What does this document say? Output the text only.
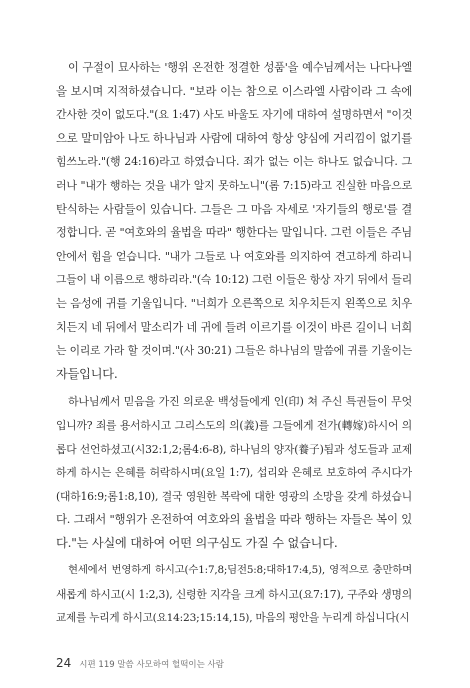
이 구절이 묘사하는 '행위 온전한 정결한 성품'을 예수님께서는 나다나엘
을 보시며 지적하셨습니다. "보라 이는 참으로 이스라엘 사람이라 그 속에
간사한 것이 없도다."(요 1:47) 사도 바울도 자기에 대하여 설명하면서 "이것
으로 말미암아 나도 하나님과 사람에 대하여 항상 양심에 거리낌이 없기를
힘쓰노라."(행 24:16)라고 하였습니다. 죄가 없는 이는 하나도 없습니다. 그
러나 "내가 행하는 것을 내가 알지 못하노니"(롬 7:15)라고 진실한 마음으로
탄식하는 사람들이 있습니다. 그들은 그 마음 자세로 '자기들의 행로'를 결
정합니다. 곧 "여호와의 율법을 따라" 행한다는 말입니다. 그런 이들은 주님
안에서 힘을 얻습니다. "내가 그들로 나 여호와를 의지하여 견고하게 하리니
그들이 내 이름으로 행하리라."(슥 10:12) 그런 이들은 항상 자기 뒤에서 들리
는 음성에 귀를 기울입니다. "너희가 오른쪽으로 치우치든지 왼쪽으로 치우
치든지 네 뒤에서 말소리가 네 귀에 들려 이르기를 이것이 바른 길이니 너희
는 이리로 가라 할 것이며."(사 30:21) 그들은 하나님의 말씀에 귀를 기울이는
자들입니다.

하나님께서 믿음을 가진 의로운 백성들에게 인(印) 쳐 주신 특권들이 무엇
입니까? 죄를 용서하시고 그리스도의 의(義)를 그들에게 전가(轉嫁)하시어 의
롭다 선언하셨고(시32:1,2;롬4:6-8), 하나님의 양자(養子)됨과 성도들과 교제
하게 하시는 은혜를 허락하시며(요일 1:7), 섭리와 은혜로 보호하여 주시다가
(대하16:9;롬1:8,10), 결국 영원한 복락에 대한 영광의 소망을 갖게 하셨습니
다. 그래서 "행위가 온전하여 여호와의 율법을 따라 행하는 자들은 복이 있
다."는 사실에 대하여 어떤 의구심도 가질 수 없습니다.

현세에서 번영하게 하시고(수1:7,8;딤전5:8;대하17:4,5), 영적으로 충만하며
새롭게 하시고(시 1:2,3), 신령한 지각을 크게 하시고(요7:17), 구주와 생명의
교제를 누리게 하시고(요14:23;15:14,15), 마음의 평안을 누리게 하십니다(시

24 시편 119 말씀 사모하여 헐떡이는 사람
